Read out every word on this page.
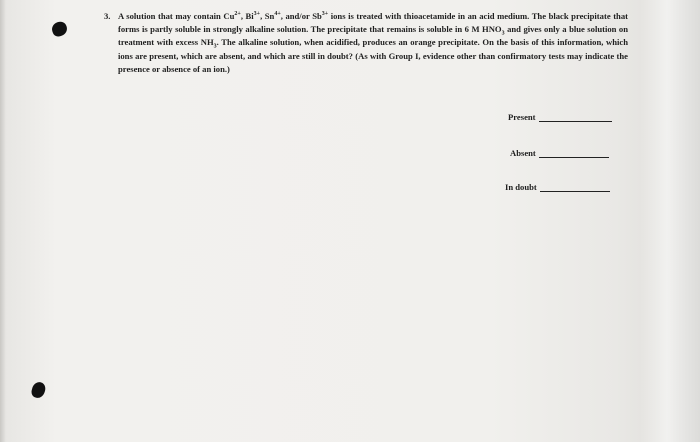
3. A solution that may contain $Cu^{2+}$, $Bi^{3+}$, $Sn^{4+}$, and/or $Sb^{3+}$ ions is treated with thioacetamide in an acid medium. The black precipitate that forms is partly soluble in strongly alkaline solution. The precipitate that remains is soluble in 6 M $HNO_3$ and gives only a blue solution on treatment with excess $NH_3$. The alkaline solution, when acidified, produces an orange precipitate. On the basis of this information, which ions are present, which are absent, and which are still in doubt? (As with Group I, evidence other than confirmatory tests may indicate the presence or absence of an ion.)
Present
Absent
In doubt
